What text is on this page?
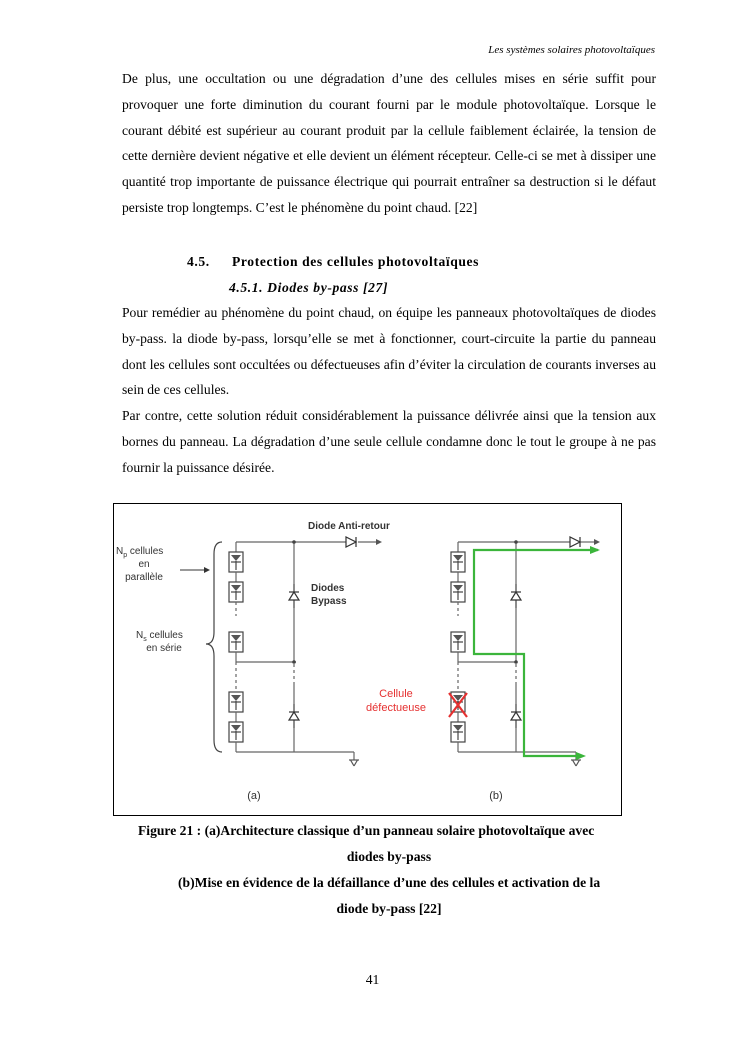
Les systèmes solaires photovoltaïques

De plus, une occultation ou une dégradation d’une des cellules mises en série suffit pour provoquer une forte diminution du courant fourni par le module photovoltaïque. Lorsque le courant débité est supérieur au courant produit par la cellule faiblement éclairée, la tension de cette dernière devient négative et elle devient un élément récepteur. Celle-ci se met à dissiper une quantité trop importante de puissance électrique qui pourrait entraîner sa destruction si le défaut persiste trop longtemps. C’est le phénomène du point chaud. [22]

4.5. Protection des cellules photovoltaïques
4.5.1. Diodes by-pass [27]

Pour remédier au phénomène du point chaud, on équipe les panneaux photovoltaïques de diodes by-pass. la diode by-pass, lorsqu’elle se met à fonctionner, court-circuite la partie du panneau dont les cellules sont occultées ou défectueuses afin d’éviter la circulation de courants inverses au sein de ces cellules.

Par contre, cette solution réduit considérablement la puissance délivrée ainsi que la tension aux bornes du panneau. La dégradation d’une seule cellule condamne donc le tout le groupe à ne pas fournir la puissance désirée.

Diode Anti-retour
Diodes
Bypass
$N_p$ cellules
en
parallèle
$N_s$ cellules
en série
(a)
Cellule
défectueuse
(b)
Figure 21 : (a)Architecture classique d’un panneau solaire photovoltaïque avec
diodes by-pass
(b)Mise en évidence de la défaillance d’une des cellules et activation de la
diode by-pass [22]
41
